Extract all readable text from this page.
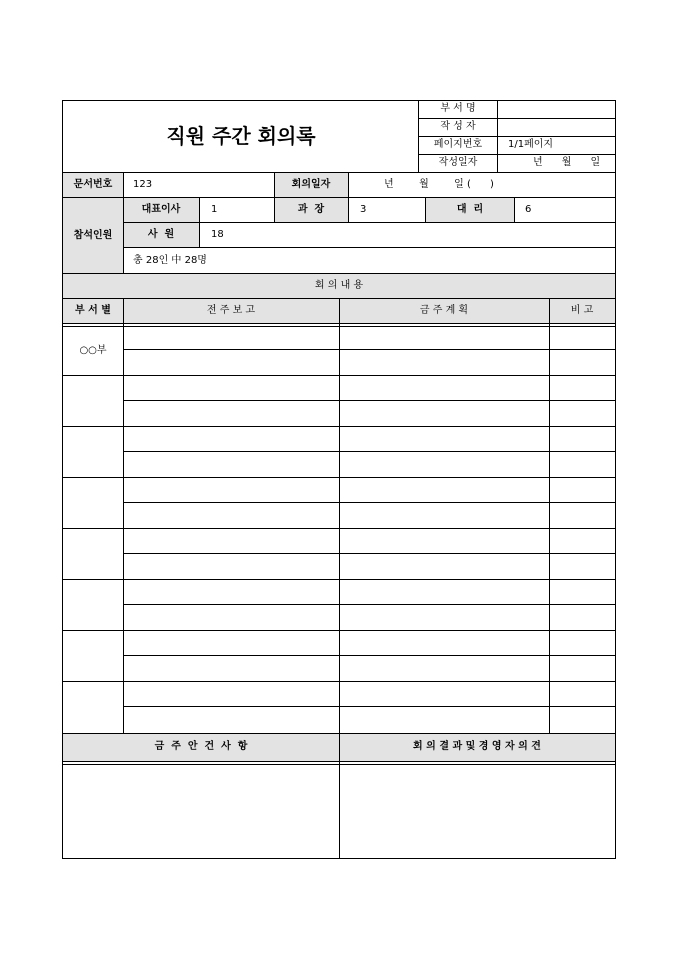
직원 주간 회의록
부 서 명
작 성 자
페이지번호	1/1페이지
작성일자	년      월      일
문서번호 123	회의일자	년        월        일 (      )
참석인원
대표이사	1	과  장	3	대  리	6
사  원	18
총 28인 中 28명
회 의 내 용
부 서 별	전 주 보 고	금 주 계 획	비 고
○○부
금  주  안  건  사  항	회 의 결 과 및 경 영 자 의 견
